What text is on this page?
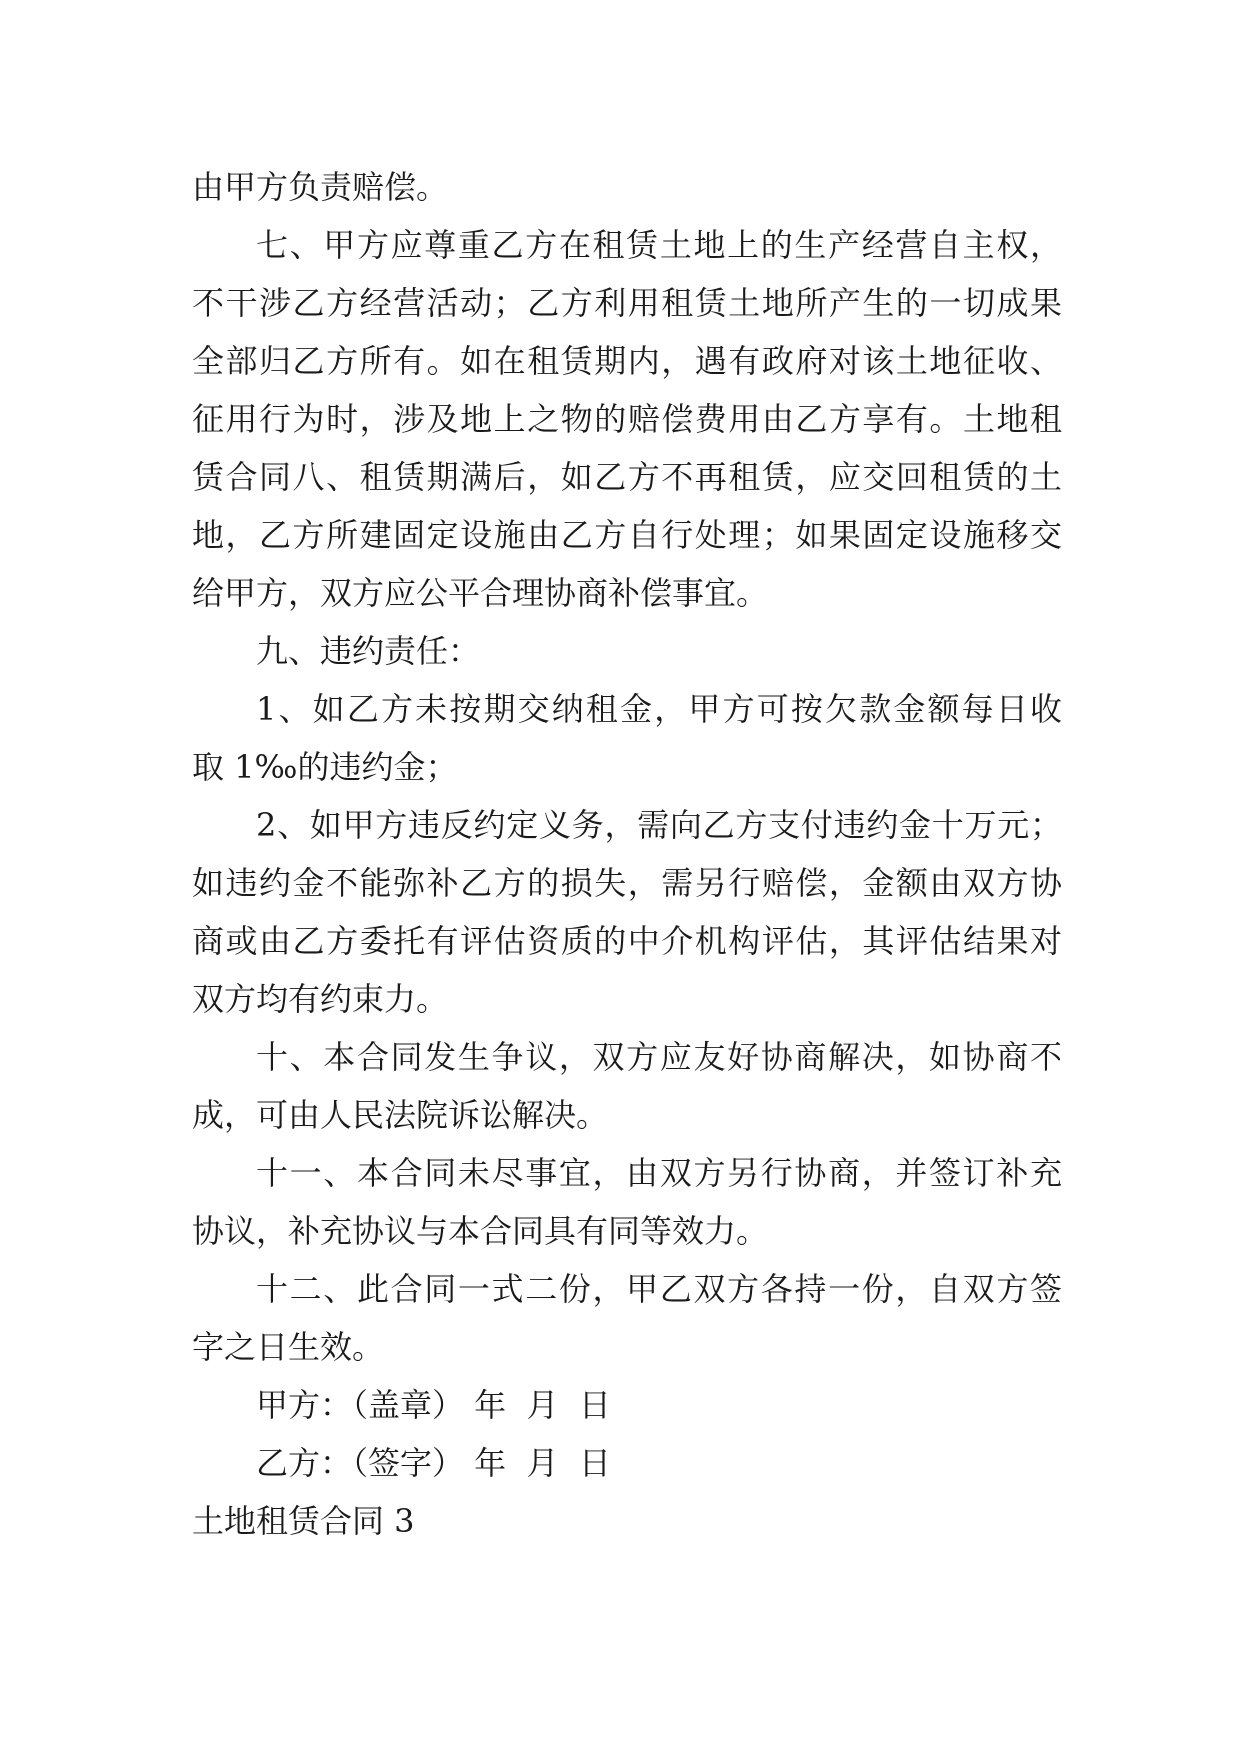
由甲方负责赔偿。
七、甲方应尊重乙方在租赁土地上的生产经营自主权，
不干涉乙方经营活动；乙方利用租赁土地所产生的一切成果
全部归乙方所有。如在租赁期内，遇有政府对该土地征收、
征用行为时，涉及地上之物的赔偿费用由乙方享有。土地租
赁合同八、租赁期满后，如乙方不再租赁，应交回租赁的土
地，乙方所建固定设施由乙方自行处理；如果固定设施移交
给甲方，双方应公平合理协商补偿事宜。
九、违约责任：
1、如乙方未按期交纳租金，甲方可按欠款金额每日收
取 1‰的违约金；
2、如甲方违反约定义务，需向乙方支付违约金十万元；
如违约金不能弥补乙方的损失，需另行赔偿，金额由双方协
商或由乙方委托有评估资质的中介机构评估，其评估结果对
双方均有约束力。
十、本合同发生争议，双方应友好协商解决，如协商不
成，可由人民法院诉讼解决。
十一、本合同未尽事宜，由双方另行协商，并签订补充
协议，补充协议与本合同具有同等效力。
十二、此合同一式二份，甲乙双方各持一份，自双方签
字之日生效。
甲方：（盖章） 年  月  日
乙方：（签字） 年  月  日
土地租赁合同 3
